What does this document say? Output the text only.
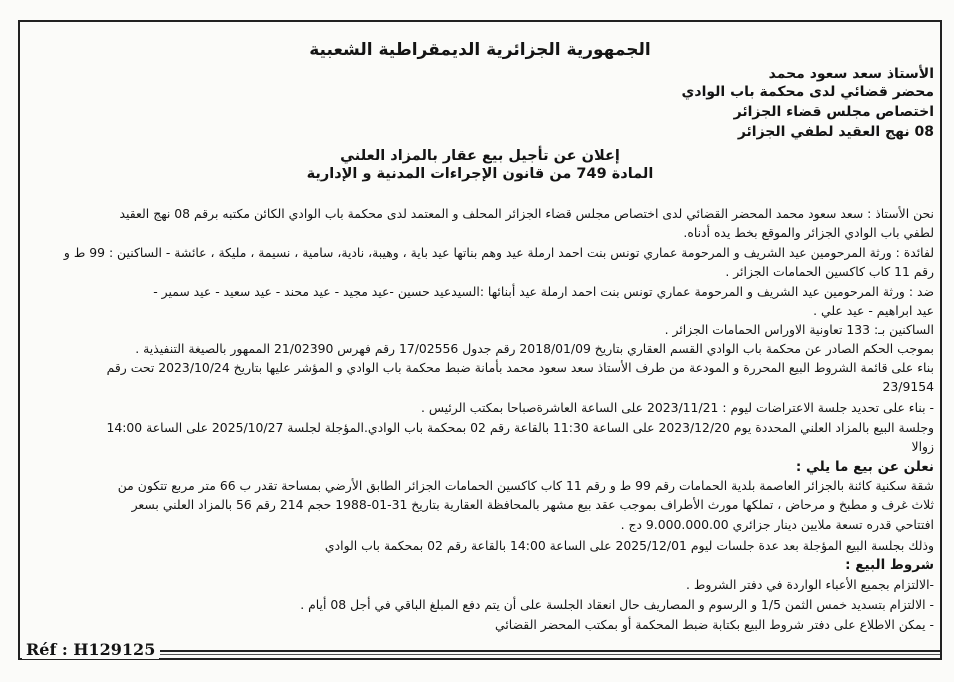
الجمهورية الجزائرية الديمقراطية الشعبية
الأستاذ سعد سعود محمد
محضر قضائي لدى محكمة باب الوادي
اختصاص مجلس قضاء الجزائر
08 نهج العقيد لطفي الجزائر
إعلان عن تأجيل بيع عقار بالمزاد العلني
المادة 749 من قانون الإجراءات المدنية و الإدارية
نحن الأستاذ : سعد سعود محمد المحضر القضائي لدى اختصاص مجلس قضاء الجزائر المحلف و المعتمد لدى محكمة باب الوادي الكائن مكتبه برقم 08 نهج العقيد
لطفي باب الوادي الجزائر والموقع بخط يده أدناه.
لفائدة : ورثة المرحومين عيد الشريف و المرحومة عماري تونس بنت احمد ارملة عيد وهم بناتها عيد باية ، وهيبة، نادية، سامية ، نسيمة ، مليكة ، عائشة - الساكنين : 99 ط و
رقم 11 كاب كاكسين الحمامات الجزائر .
ضد : ورثة المرحومين عيد الشريف و المرحومة عماري تونس بنت احمد ارملة عيد أبنائها :السيدعيد حسين -عيد مجيد - عيد محند - عيد سعيد - عيد سمير -
عيد ابراهيم - عيد علي .
الساكنين بـ: 133 تعاونية الاوراس الحمامات الجزائر .
بموجب الحكم الصادر عن محكمة باب الوادي القسم العقاري بتاريخ 2018/01/09 رقم جدول 17/02556 رقم فهرس 21/02390 الممهور بالصيغة التنفيذية .
بناء على قائمة الشروط البيع المحررة و المودعة من طرف الأستاذ سعد سعود محمد بأمانة ضبط محكمة باب الوادي و المؤشر عليها بتاريخ 2023/10/24 تحت رقم
23/9154
- بناء على تحديد جلسة الاعتراضات ليوم : 2023/11/21 على الساعة العاشرةصباحا بمكتب الرئيس .
وجلسة البيع بالمزاد العلني المحددة يوم 2023/12/20 على الساعة 11:30 بالقاعة رقم 02 بمحكمة باب الوادي.المؤجلة لجلسة 2025/10/27 على الساعة 14:00
زوالا
نعلن عن بيع ما يلي :
شقة سكنية كائنة بالجزائر العاصمة بلدية الحمامات رقم 99 ط و رقم 11 كاب كاكسين الحمامات الجزائر الطابق الأرضي بمساحة تقدر ب 66 متر مربع تتكون من
ثلاث غرف و مطبخ و مرحاض ، تملكها مورث الأطراف بموجب عقد بيع مشهر بالمحافظة العقارية بتاريخ 31-01-1988 حجم 214 رقم 56 بالمزاد العلني بسعر
افتتاحي قدره تسعة ملايين دينار جزائري 9.000.000.00 دج .
وذلك بجلسة البيع المؤجلة بعد عدة جلسات ليوم 2025/12/01 على الساعة 14:00 بالقاعة رقم 02 بمحكمة باب الوادي
شروط البيع :
-الالتزام بجميع الأعباء الواردة في دفتر الشروط .
- الالتزام بتسديد خمس الثمن 1/5 و الرسوم و المصاريف حال انعقاد الجلسة على أن يتم دفع المبلغ الباقي في أجل 08 أيام .
- يمكن الاطلاع على دفتر شروط البيع بكتابة ضبط المحكمة أو بمكتب المحضر القضائي
Réf : H129125
